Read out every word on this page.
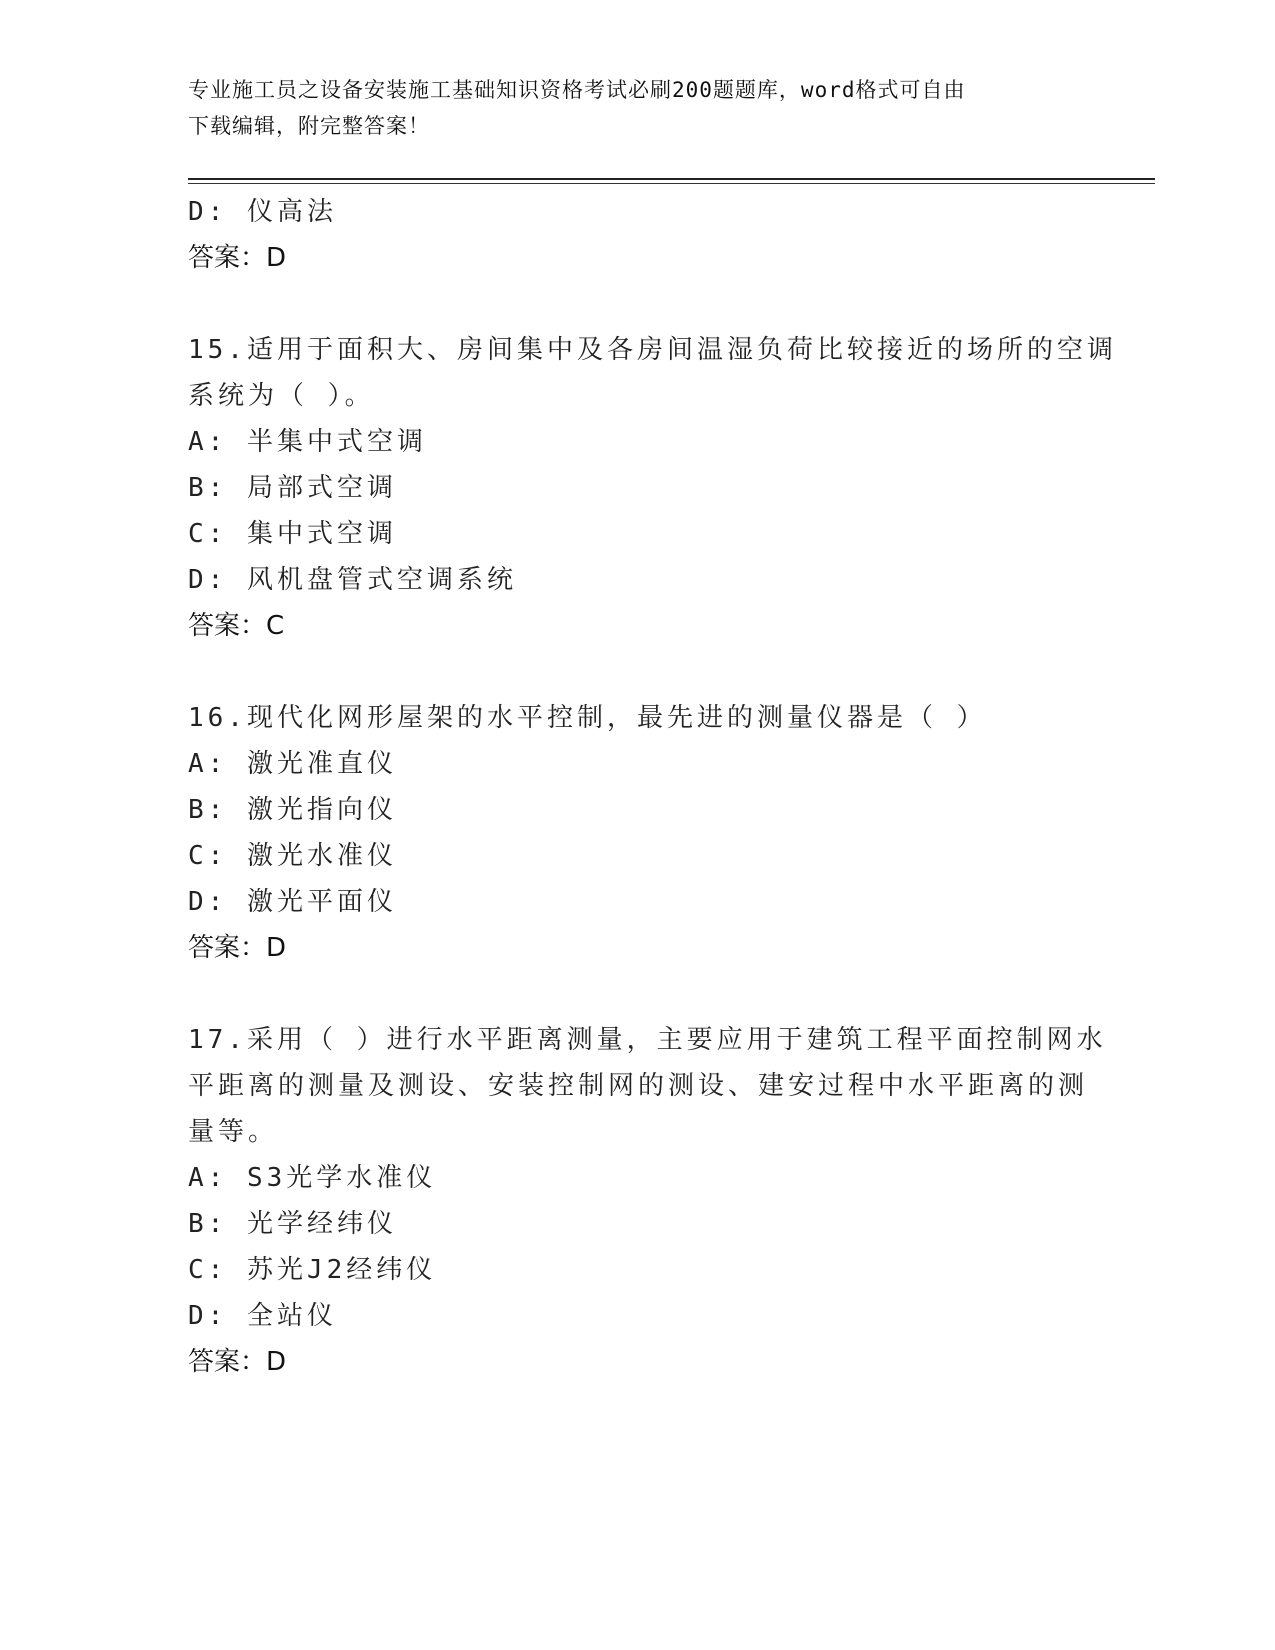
专业施工员之设备安装施工基础知识资格考试必刷200题题库，word格式可自由
下载编辑，附完整答案！
D: 仪高法
答案：D
15.适用于面积大、房间集中及各房间温湿负荷比较接近的场所的空调
系统为（ ）。
A: 半集中式空调
B: 局部式空调
C: 集中式空调
D: 风机盘管式空调系统
答案：C
16.现代化网形屋架的水平控制，最先进的测量仪器是（ ）
A: 激光准直仪
B: 激光指向仪
C: 激光水准仪
D: 激光平面仪
答案：D
17.采用（ ）进行水平距离测量，主要应用于建筑工程平面控制网水
平距离的测量及测设、安装控制网的测设、建安过程中水平距离的测
量等。
A: S3光学水准仪
B: 光学经纬仪
C: 苏光J2经纬仪
D: 全站仪
答案：D
